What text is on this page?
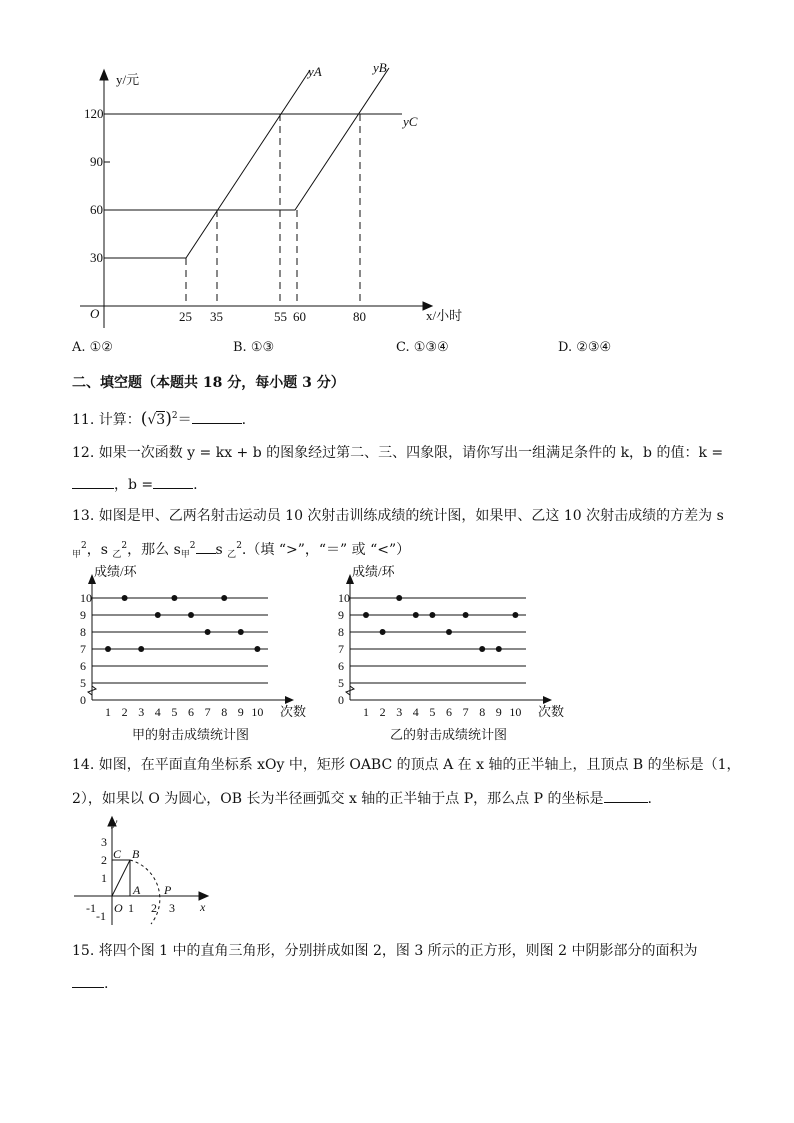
y/元
x/小时
O
120
90
60
30
25 35	55 60	80
yA	yB
yC
A. ①②	B. ①③	C. ①③④	D. ②③④
二、填空题（本题共 18 分，每小题 3 分）
11. 计算：$(√3)^2=$	.
12. 如果一次函数 y = kx + b 的图象经过第二、三、四象限，请你写出一组满足条件的 k，b 的值：k =
，b =	.
13. 如图是甲、乙两名射击运动员 10 次射击训练成绩的统计图，如果甲、乙这 10 次射击成绩的方差为 s
$_甲^2$，s $_乙^2$，那么 $s_甲^2$ s $_乙^2$.（填 “>”，“＝” 或 “<”）
0
5
6
7
8
9
10
1 2 3 4 5 6 7 8 9 10
成绩/环
次数
甲的射击成绩统计图
0
5
6
7
8
9
10
1 2 3 4 5 6 7 8 9 10
成绩/环
次数
乙的射击成绩统计图
14. 如图，在平面直角坐标系 xOy 中，矩形 OABC 的顶点 A 在 x 轴的正半轴上，且顶点 B 的坐标是（1，
2），如果以 O 为圆心，OB 长为半径画弧交 x 轴的正半轴于点 P，那么点 P 的坐标是	.
y
x
O
A
B
C
P
3
2
1
-1
-1	1 2 3
15. 将四个图 1 中的直角三角形，分别拼成如图 2，图 3 所示的正方形，则图 2 中阴影部分的面积为
.
